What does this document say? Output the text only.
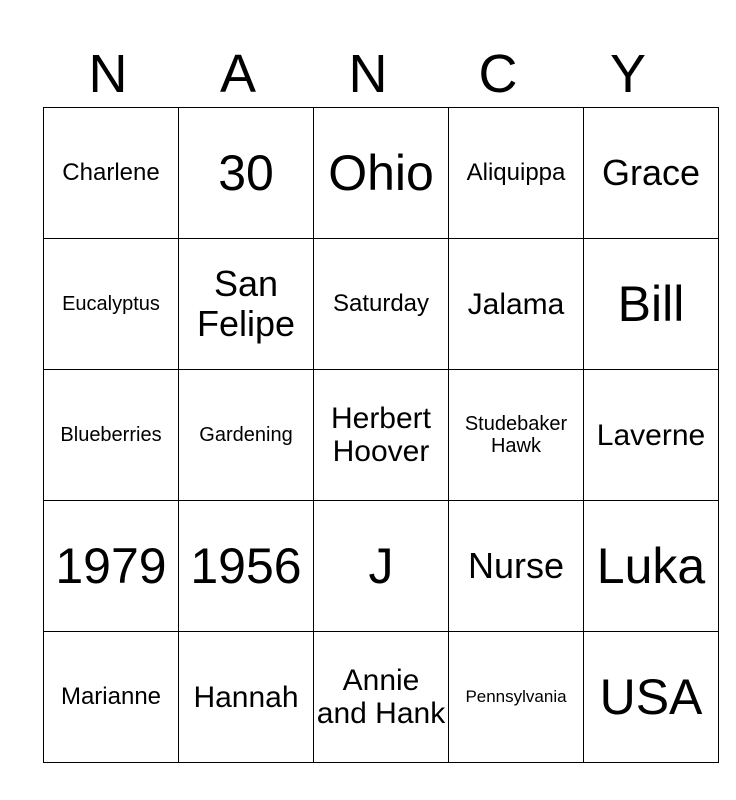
N	A	N	C	Y
Charlene	30	Ohio	Aliquippa	Grace
Eucalyptus	San Felipe	Saturday	Jalama	Bill
Blueberries	Gardening	Herbert Hoover	Studebaker Hawk	Laverne
1979	1956	J	Nurse	Luka
Marianne	Hannah	Annie and Hank	Pennsylvania	USA
